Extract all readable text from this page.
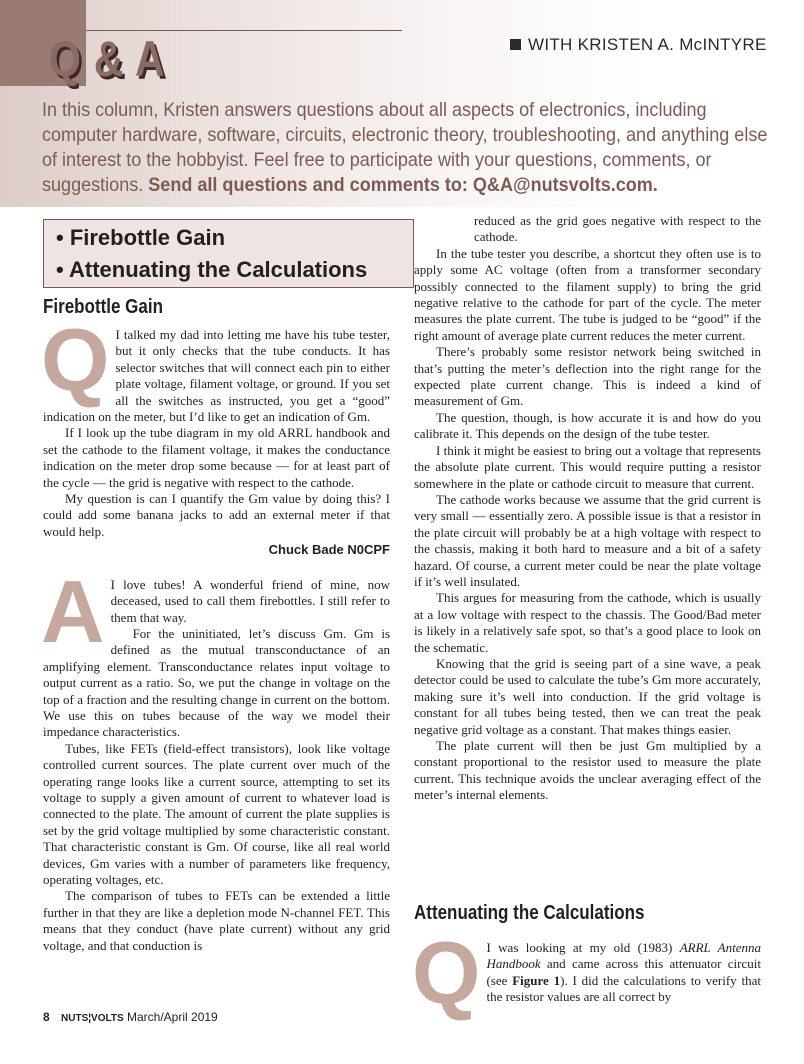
Q & A	WITH KRISTEN A. McINTYRE
In this column, Kristen answers questions about all aspects of electronics, including computer hardware, software, circuits, electronic theory, troubleshooting, and anything else of interest to the hobbyist. Feel free to participate with your questions, comments, or suggestions. Send all questions and comments to: Q&A@nutsvolts.com.
• Firebottle Gain
• Attenuating the Calculations
Firebottle Gain

Q I talked my dad into letting me have his tube tester, but it only checks that the tube conducts. It has selector switches that will connect each pin to either plate voltage, filament voltage, or ground. If you set all the switches as instructed, you get a “good” indication on the meter, but I’d like to get an indication of Gm.

If I look up the tube diagram in my old ARRL handbook and set the cathode to the filament voltage, it makes the conductance indication on the meter drop some because — for at least part of the cycle — the grid is negative with respect to the cathode.

My question is can I quantify the Gm value by doing this? I could add some banana jacks to add an external meter if that would help.

Chuck Bade N0CPF

A I love tubes! A wonderful friend of mine, now deceased, used to call them firebottles. I still refer to them that way.

For the uninitiated, let’s discuss Gm. Gm is defined as the mutual transconductance of an amplifying element. Transconductance relates input voltage to output current as a ratio. So, we put the change in voltage on the top of a fraction and the resulting change in current on the bottom. We use this on tubes because of the way we model their impedance characteristics.

Tubes, like FETs (field-effect transistors), look like voltage controlled current sources. The plate current over much of the operating range looks like a current source, attempting to set its voltage to supply a given amount of current to whatever load is connected to the plate. The amount of current the plate supplies is set by the grid voltage multiplied by some characteristic constant. That characteristic constant is Gm. Of course, like all real world devices, Gm varies with a number of parameters like frequency, operating voltages, etc.

The comparison of tubes to FETs can be extended a little further in that they are like a depletion mode N-channel FET. This means that they conduct (have plate current) without any grid voltage, and that conduction is

reduced as the grid goes negative with respect to the cathode.

In the tube tester you describe, a shortcut they often use is to apply some AC voltage (often from a transformer secondary possibly connected to the filament supply) to bring the grid negative relative to the cathode for part of the cycle. The meter measures the plate current. The tube is judged to be “good” if the right amount of average plate current reduces the meter current.

There’s probably some resistor network being switched in that’s putting the meter’s deflection into the right range for the expected plate current change. This is indeed a kind of measurement of Gm.

The question, though, is how accurate it is and how do you calibrate it. This depends on the design of the tube tester.

I think it might be easiest to bring out a voltage that represents the absolute plate current. This would require putting a resistor somewhere in the plate or cathode circuit to measure that current.

The cathode works because we assume that the grid current is very small — essentially zero. A possible issue is that a resistor in the plate circuit will probably be at a high voltage with respect to the chassis, making it both hard to measure and a bit of a safety hazard. Of course, a current meter could be near the plate voltage if it’s well insulated.

This argues for measuring from the cathode, which is usually at a low voltage with respect to the chassis. The Good/Bad meter is likely in a relatively safe spot, so that’s a good place to look on the schematic.

Knowing that the grid is seeing part of a sine wave, a peak detector could be used to calculate the tube’s Gm more accurately, making sure it’s well into conduction. If the grid voltage is constant for all tubes being tested, then we can treat the peak negative grid voltage as a constant. That makes things easier.

The plate current will then be just Gm multiplied by a constant proportional to the resistor used to measure the plate current. This technique avoids the unclear averaging effect of the meter’s internal elements.

Attenuating the Calculations

Q I was looking at my old (1983) ARRL Antenna Handbook and came across this attenuator circuit (see Figure 1). I did the calculations to verify that the resistor values are all correct by

8 NUTS¦VOLTS March/April 2019
